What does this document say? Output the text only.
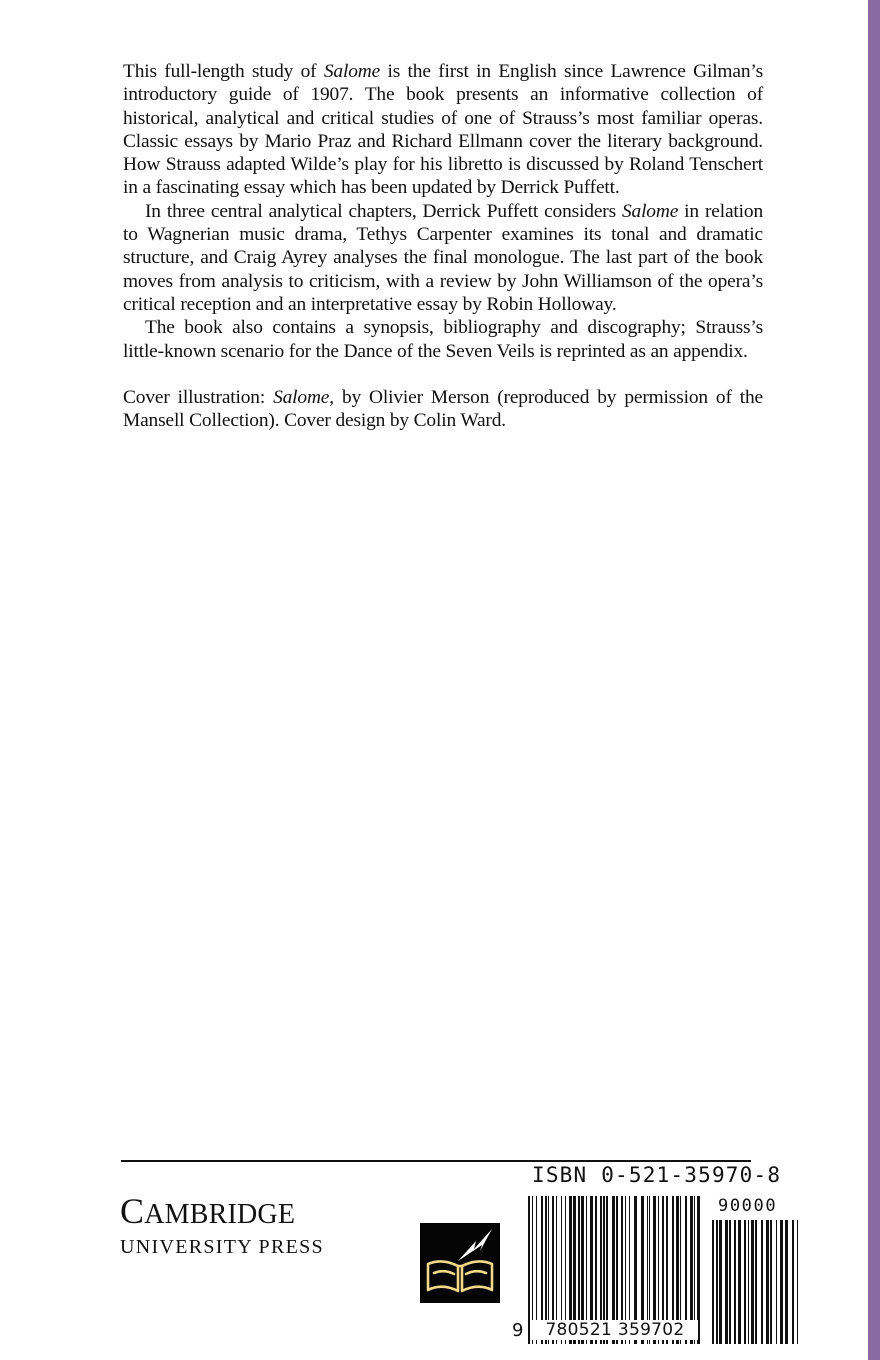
This full-length study of Salome is the first in English since Lawrence Gilman’s introductory guide of 1907. The book presents an informative collection of historical, analytical and critical studies of one of Strauss’s most familiar operas. Classic essays by Mario Praz and Richard Ellmann cover the literary background. How Strauss adapted Wilde’s play for his libretto is discussed by Roland Tenschert in a fascinating essay which has been updated by Derrick Puffett.

In three central analytical chapters, Derrick Puffett considers Salome in relation to Wagnerian music drama, Tethys Carpenter examines its tonal and dramatic structure, and Craig Ayrey analyses the final monologue. The last part of the book moves from analysis to criticism, with a review by John Williamson of the opera’s critical reception and an interpretative essay by Robin Holloway.

The book also contains a synopsis, bibliography and discography; Strauss’s little-known scenario for the Dance of the Seven Veils is reprinted as an appendix.

Cover illustration: Salome, by Olivier Merson (reproduced by permission of the Mansell Collection). Cover design by Colin Ward.

CAMBRIDGE
UNIVERSITY PRESS
ISBN 0-521-35970-8
90000
9	780521 359702
